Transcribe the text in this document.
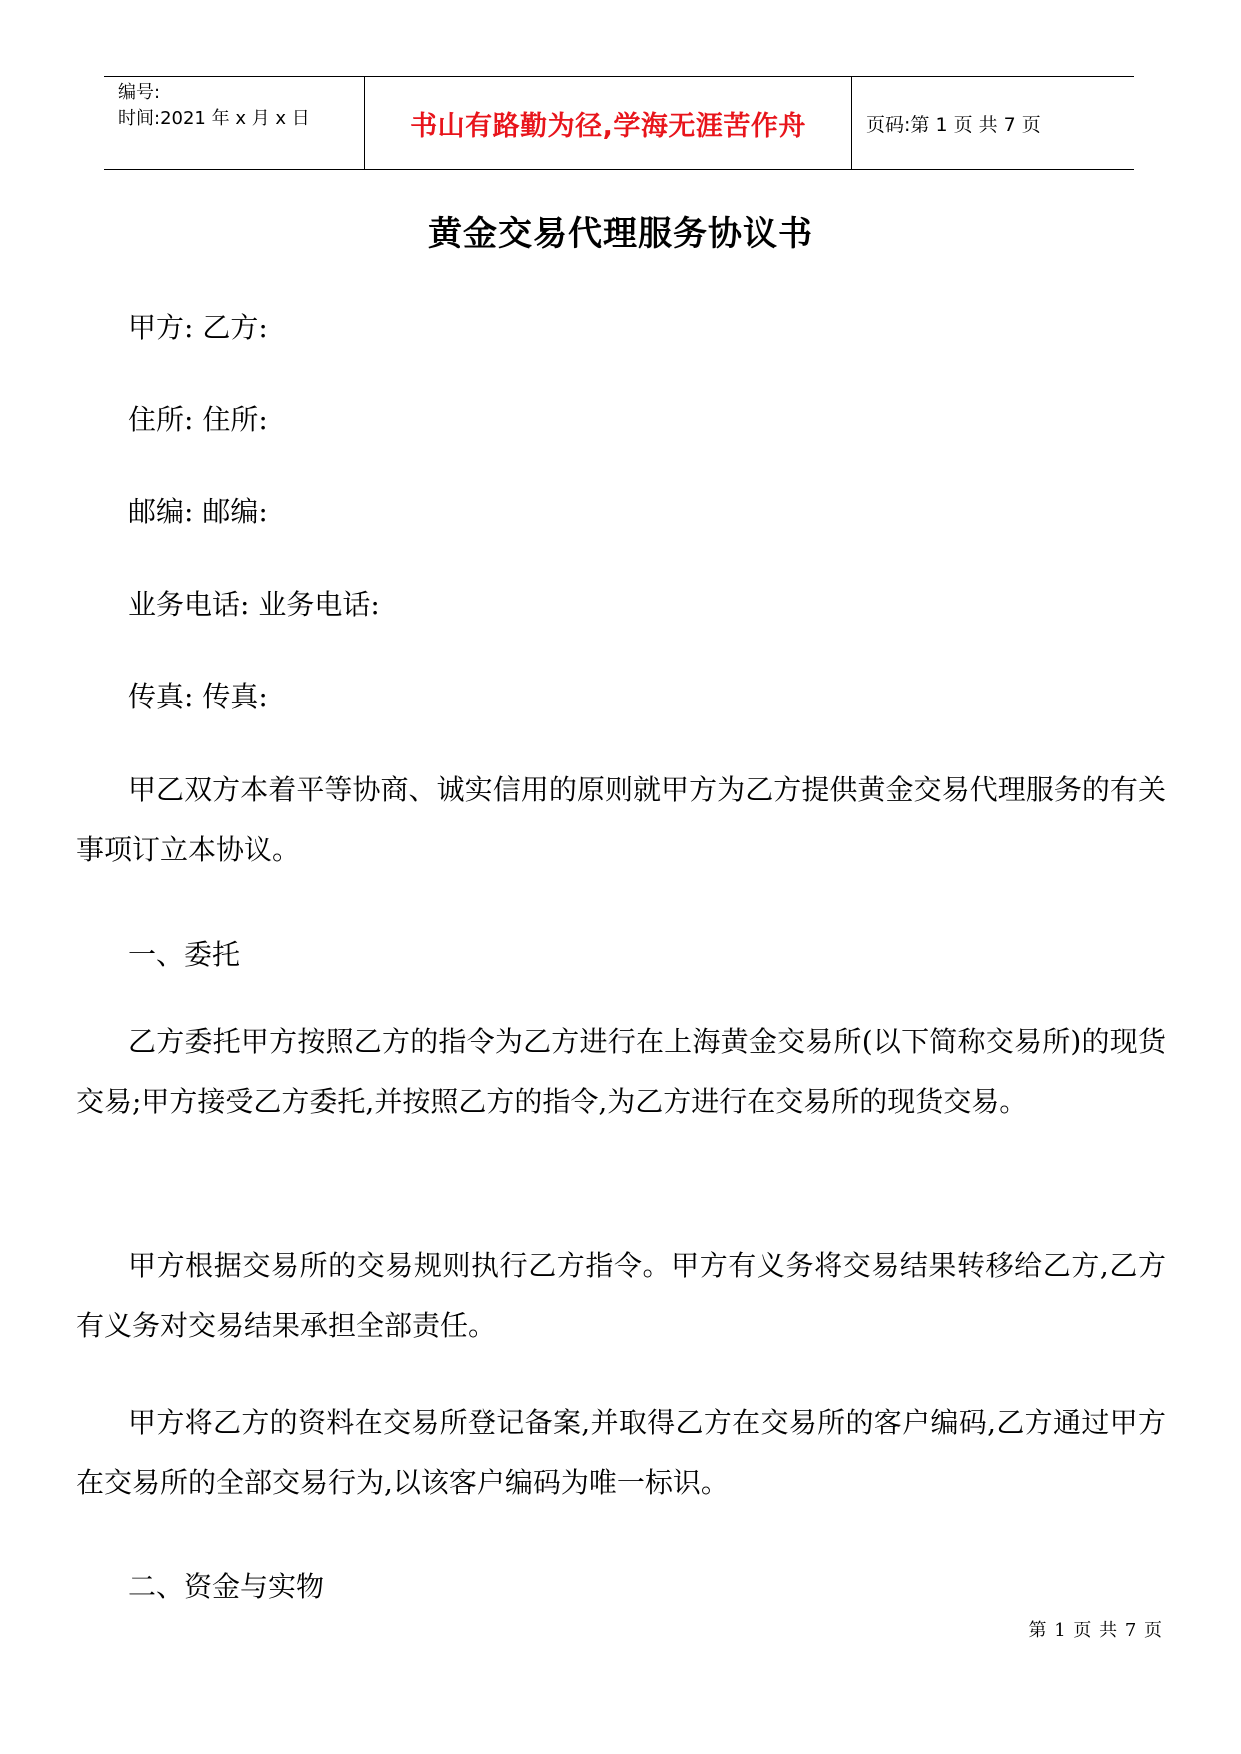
编号:
时间:2021 年 x 月 x 日	书山有路勤为径,学海无涯苦作舟	页码:第 1 页 共 7 页
黄金交易代理服务协议书
甲方: 乙方:
住所: 住所:
邮编: 邮编:
业务电话: 业务电话:
传真: 传真:
甲乙双方本着平等协商、诚实信用的原则就甲方为乙方提供黄金交易代理服务的有关事项订立本协议。
一、委托
乙方委托甲方按照乙方的指令为乙方进行在上海黄金交易所(以下简称交易所)的现货交易;甲方接受乙方委托,并按照乙方的指令,为乙方进行在交易所的现货交易。
甲方根据交易所的交易规则执行乙方指令。甲方有义务将交易结果转移给乙方,乙方有义务对交易结果承担全部责任。
甲方将乙方的资料在交易所登记备案,并取得乙方在交易所的客户编码,乙方通过甲方在交易所的全部交易行为,以该客户编码为唯一标识。
二、资金与实物
第 1 页 共 7 页
